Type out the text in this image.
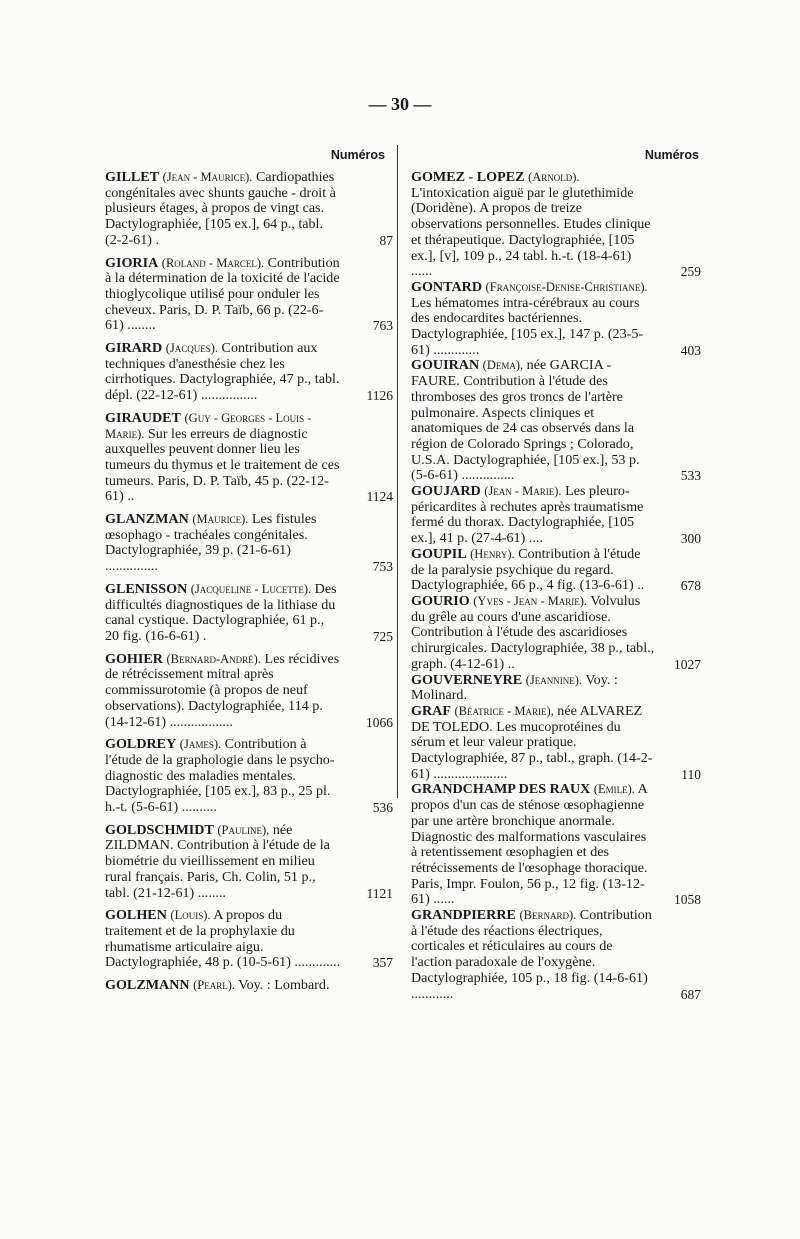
— 30 —
Numéros
GILLET (Jean - Maurice). Cardiopathies congénitales avec shunts gauche - droit à plusieurs étages, à propos de vingt cas. Dactylographiée, [105 ex.], 64 p., tabl. (2-2-61) .	87
GIORIA (Roland - Marcel). Contribution à la détermination de la toxicité de l'acide thioglycolique utilisé pour onduler les cheveux. Paris, D. P. Taïb, 66 p. (22-6-61) ........	763
GIRARD (Jacques). Contribution aux techniques d'anesthésie chez les cirrhotiques. Dactylographiée, 47 p., tabl. dépl. (22-12-61) ................	1126
GIRAUDET (Guy - Georges - Louis - Marie). Sur les erreurs de diagnostic auxquelles peuvent donner lieu les tumeurs du thymus et le traitement de ces tumeurs. Paris, D. P. Taïb, 45 p. (22-12-61) ..	1124
GLANZMAN (Maurice). Les fistules œsophago - trachéales congénitales. Dactylographiée, 39 p. (21-6-61) ...............	753
GLENISSON (Jacqueline - Lucette). Des difficultés diagnostiques de la lithiase du canal cystique. Dactylographiée, 61 p., 20 fig. (16-6-61) .	725
GOHIER (Bernard-André). Les récidives de rétrécissement mitral après commissurotomie (à propos de neuf observations). Dactylographiée, 114 p. (14-12-61) ..................	1066
GOLDREY (James). Contribution à l'étude de la graphologie dans le psycho-diagnostic des maladies mentales. Dactylographiée, [105 ex.], 83 p., 25 pl. h.-t. (5-6-61) ..........	536
GOLDSCHMIDT (Pauline), née ZILDMAN. Contribution à l'étude de la biométrie du vieillissement en milieu rural français. Paris, Ch. Colin, 51 p., tabl. (21-12-61) ........	1121
GOLHEN (Louis). A propos du traitement et de la prophylaxie du rhumatisme articulaire aigu. Dactylographiée, 48 p. (10-5-61) ............. 357
GOLZMANN (Pearl). Voy. : Lombard.
Numéros
GOMEZ - LOPEZ (Arnold). L'intoxication aiguë par le glutethimide (Doridène). A propos de treize observations personnelles. Etudes clinique et thérapeutique. Dactylographiée, [105 ex.], [v], 109 p., 24 tabl. h.-t. (18-4-61) ......	259
GONTARD (Françoise-Denise-Christiane). Les hématomes intra-cérébraux au cours des endocardites bactériennes. Dactylographiée, [105 ex.], 147 p. (23-5-61) .............	403
GOUIRAN (Dema), née GARCIA - FAURE. Contribution à l'étude des thromboses des gros troncs de l'artère pulmonaire. Aspects cliniques et anatomiques de 24 cas observés dans la région de Colorado Springs ; Colorado, U.S.A. Dactylographiée, [105 ex.], 53 p. (5-6-61) ...............	533
GOUJARD (Jean - Marie). Les pleuro-péricardites à rechutes après traumatisme fermé du thorax. Dactylographiée, [105 ex.], 41 p. (27-4-61) ....	300
GOUPIL (Henry). Contribution à l'étude de la paralysie psychique du regard. Dactylographiée, 66 p., 4 fig. (13-6-61) ..	678
GOURIO (Yves - Jean - Marie). Volvulus du grêle au cours d'une ascaridiose. Contribution à l'étude des ascaridioses chirurgicales. Dactylographiée, 38 p., tabl., graph. (4-12-61) ..	1027
GOUVERNEYRE (Jeannine). Voy. : Molinard.
GRAF (Béatrice - Marie), née ALVAREZ DE TOLEDO. Les mucoprotéines du sérum et leur valeur pratique. Dactylographiée, 87 p., tabl., graph. (14-2-61) .....................	110
GRANDCHAMP DES RAUX (Emile). A propos d'un cas de sténose œsophagienne par une artère bronchique anormale. Diagnostic des malformations vasculaires à retentissement œsophagien et des rétrécissements de l'œsophage thoracique. Paris, Impr. Foulon, 56 p., 12 fig. (13-12-61) ......	1058
GRANDPIERRE (Bernard). Contribution à l'étude des réactions électriques, corticales et réticulaires au cours de l'action paradoxale de l'oxygène. Dactylographiée, 105 p., 18 fig. (14-6-61) ............	687
